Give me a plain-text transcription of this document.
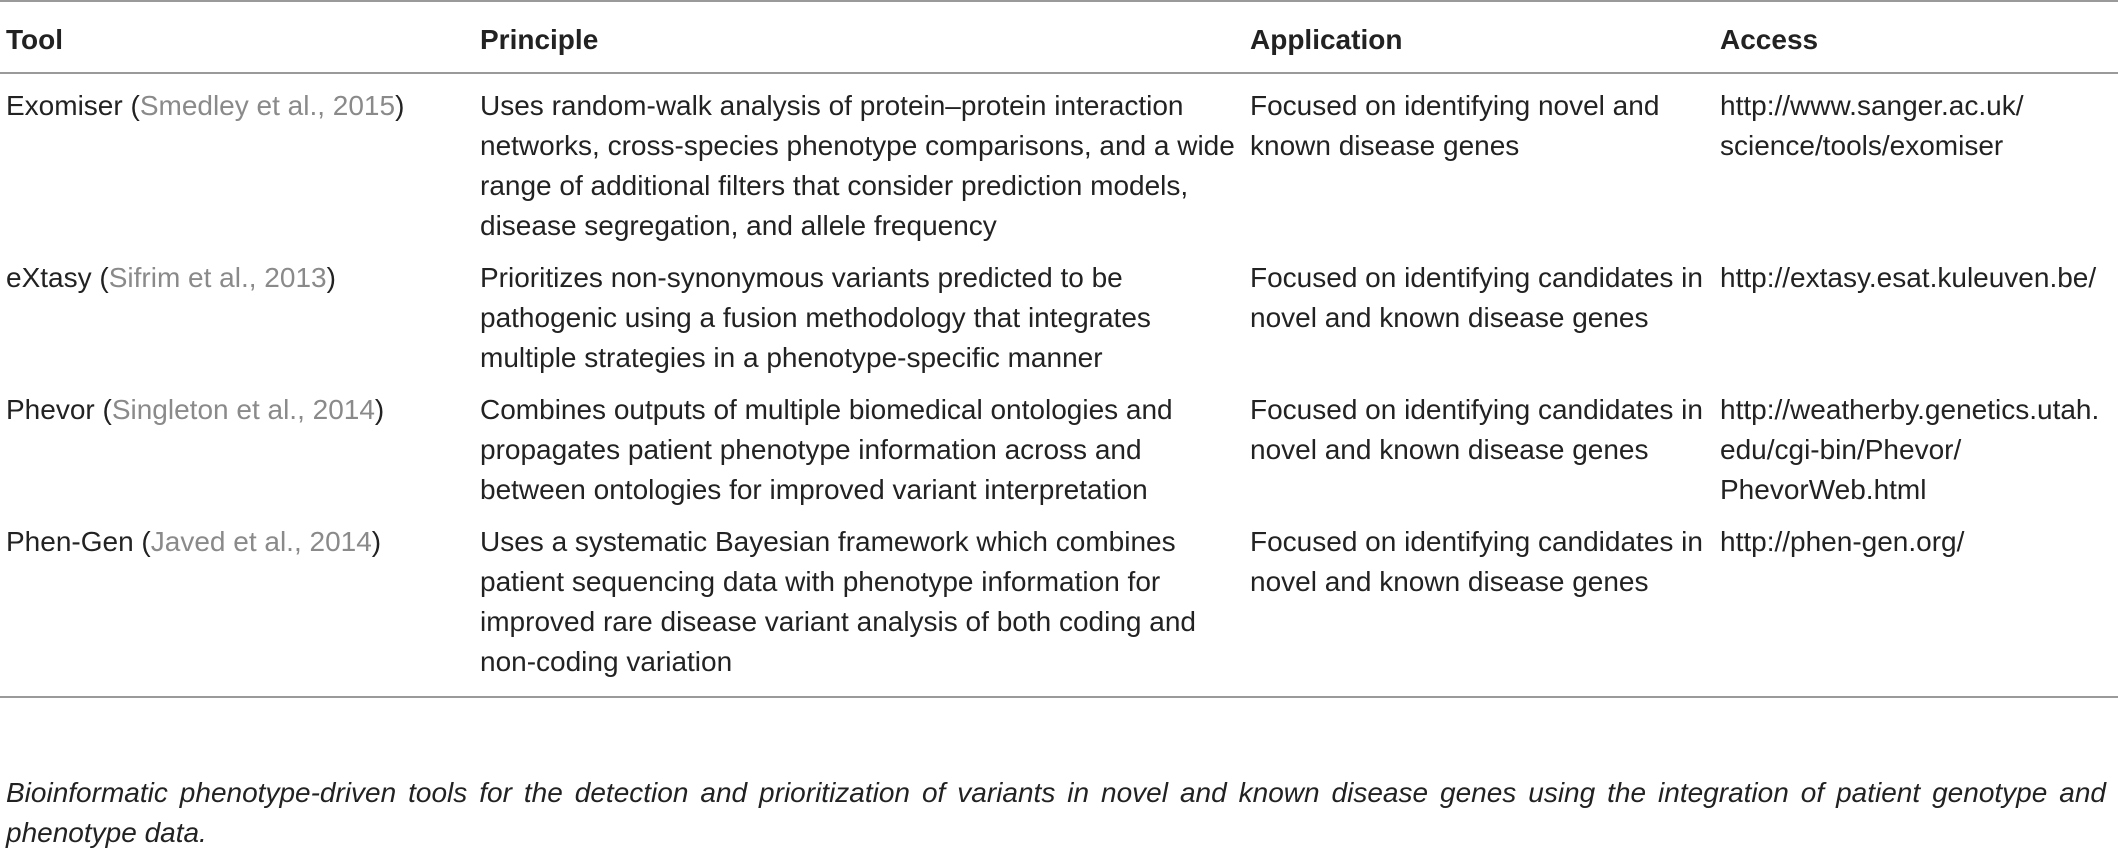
Tool	Principle	Application	Access
Exomiser (Smedley et al., 2015)	Uses random-walk analysis of protein–protein interaction networks, cross-species phenotype comparisons, and a wide range of additional filters that consider prediction models, disease segregation, and allele frequency	Focused on identifying novel and known disease genes	http://www.sanger.ac.uk/ science/tools/exomiser
eXtasy (Sifrim et al., 2013)	Prioritizes non-synonymous variants predicted to be pathogenic using a fusion methodology that integrates multiple strategies in a phenotype-specific manner	Focused on identifying candidates in novel and known disease genes	http://extasy.esat.kuleuven.be/
Phevor (Singleton et al., 2014)	Combines outputs of multiple biomedical ontologies and propagates patient phenotype information across and between ontologies for improved variant interpretation	Focused on identifying candidates in novel and known disease genes	http://weatherby.genetics.utah. edu/cgi-bin/Phevor/ PhevorWeb.html
Phen-Gen (Javed et al., 2014)	Uses a systematic Bayesian framework which combines patient sequencing data with phenotype information for improved rare disease variant analysis of both coding and non-coding variation	Focused on identifying candidates in novel and known disease genes	http://phen-gen.org/
Bioinformatic phenotype-driven tools for the detection and prioritization of variants in novel and known disease genes using the integration of patient genotype and phenotype data.
